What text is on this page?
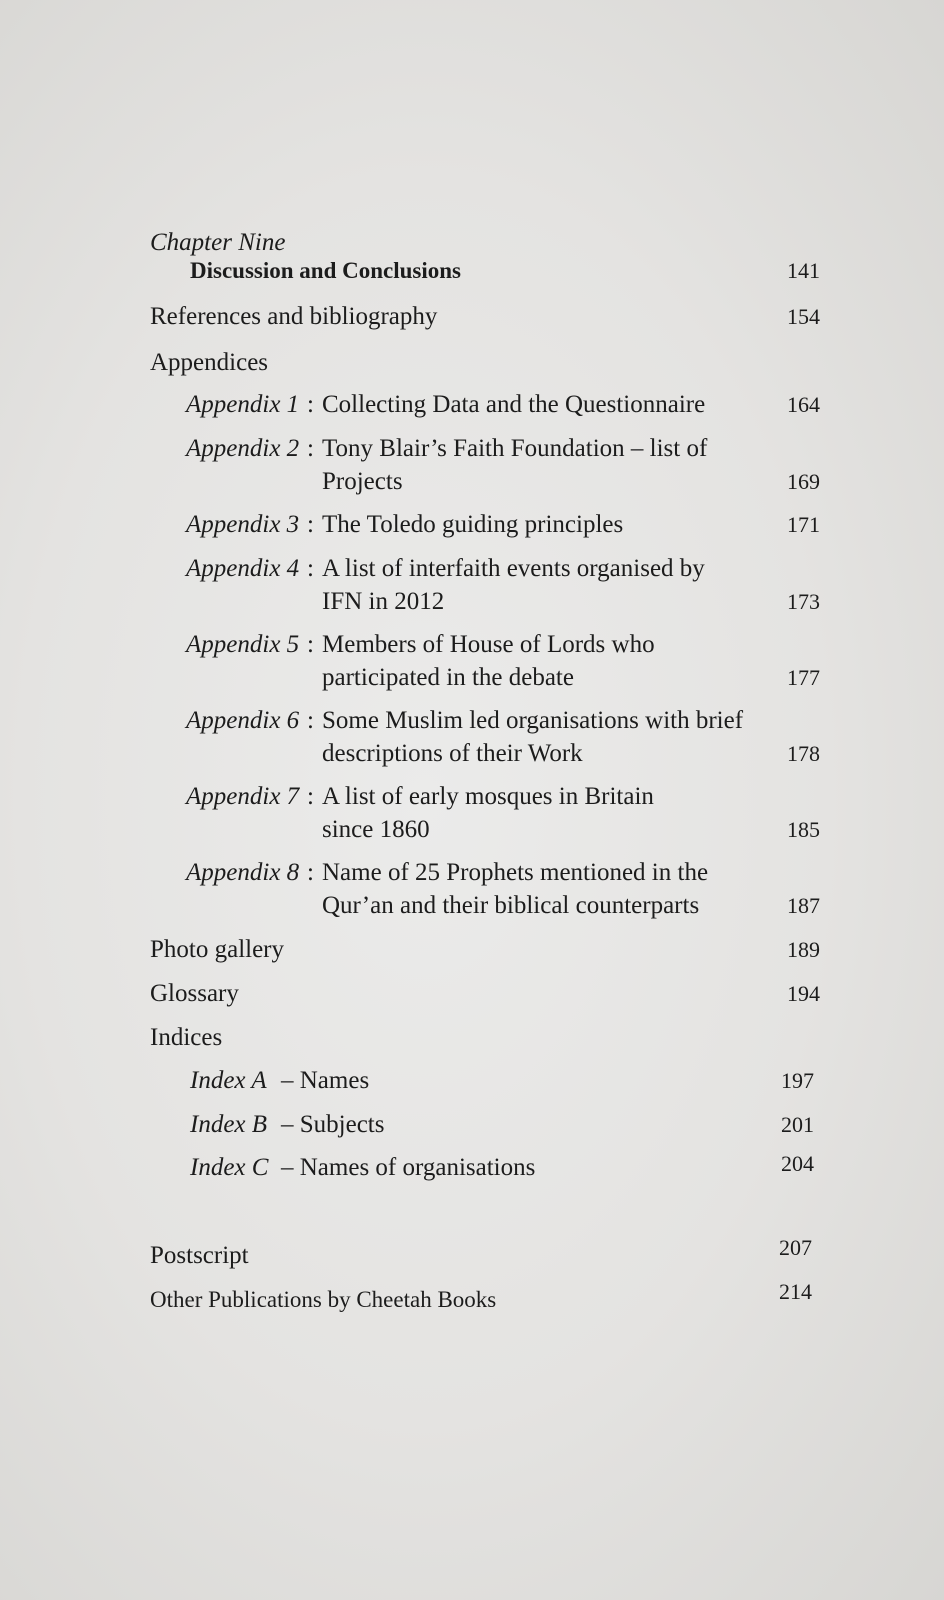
Chapter Nine
Discussion and Conclusions	141
References and bibliography	154
Appendices
Appendix 1 : Collecting Data and the Questionnaire	164
Appendix 2 : Tony Blair’s Faith Foundation – list of
Projects	169
Appendix 3 : The Toledo guiding principles	171
Appendix 4 : A list of interfaith events organised by
IFN in 2012	173
Appendix 5 : Members of House of Lords who
participated in the debate	177
Appendix 6 : Some Muslim led organisations with brief
descriptions of their Work	178
Appendix 7 : A list of early mosques in Britain
since 1860	185
Appendix 8 : Name of 25 Prophets mentioned in the
Qur’an and their biblical counterparts	187
Photo gallery	189
Glossary	194
Indices
Index A – Names	197
Index B – Subjects	201
Index C – Names of organisations	204
Postscript	207
Other Publications by Cheetah Books	214
